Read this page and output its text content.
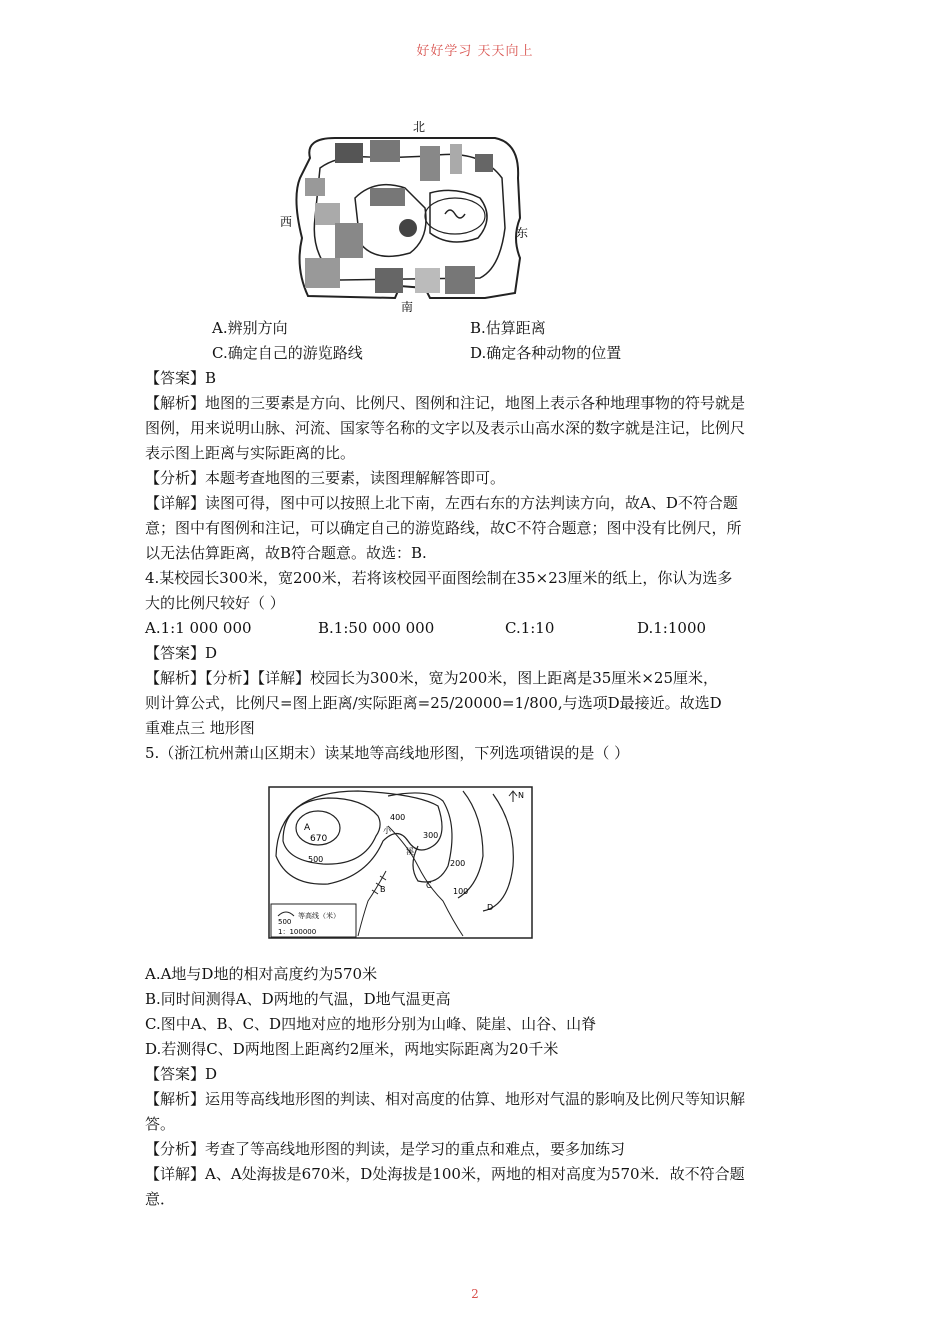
好好学习 天天向上
北
南
西
东
A.辨别方向	B.估算距离
C.确定自己的游览路线	D.确定各种动物的位置
【答案】B
【解析】地图的三要素是方向、比例尺、图例和注记，地图上表示各种地理事物的符号就是
图例，用来说明山脉、河流、国家等名称的文字以及表示山高水深的数字就是注记，比例尺
表示图上距离与实际距离的比。
【分析】本题考查地图的三要素，读图理解解答即可。
【详解】读图可得，图中可以按照上北下南，左西右东的方法判读方向，故A、D不符合题
意；图中有图例和注记，可以确定自己的游览路线，故C不符合题意；图中没有比例尺，所
以无法估算距离，故B符合题意。故选：B.
4.某校园长300米，宽200米，若将该校园平面图绘制在35×23厘米的纸上，你认为选多
大的比例尺较好（ ）
A.1:1 000 000	B.1:50 000 000	C.1:10	D.1:1000
【答案】D
【解析】【分析】【详解】校园长为300米，宽为200米，图上距离是35厘米×25厘米，
则计算公式，比例尺=图上距离/实际距离=25/20000=1/800,与选项D最接近。故选D
重难点三 地形图
5.（浙江杭州萧山区期末）读某地等高线地形图，下列选项错误的是（ ）
A
670
400
300
500	200
100
小
溪
B	C
D
N
500
等高线（米）
1：100000
A.A地与D地的相对高度约为570米
B.同时间测得A、D两地的气温，D地气温更高
C.图中A、B、C、D四地对应的地形分别为山峰、陡崖、山谷、山脊
D.若测得C、D两地图上距离约2厘米，两地实际距离为20千米
【答案】D
【解析】运用等高线地形图的判读、相对高度的估算、地形对气温的影响及比例尺等知识解
答。
【分析】考查了等高线地形图的判读，是学习的重点和难点，要多加练习
【详解】A、A处海拔是670米，D处海拔是100米，两地的相对高度为570米．故不符合题
意．
2
